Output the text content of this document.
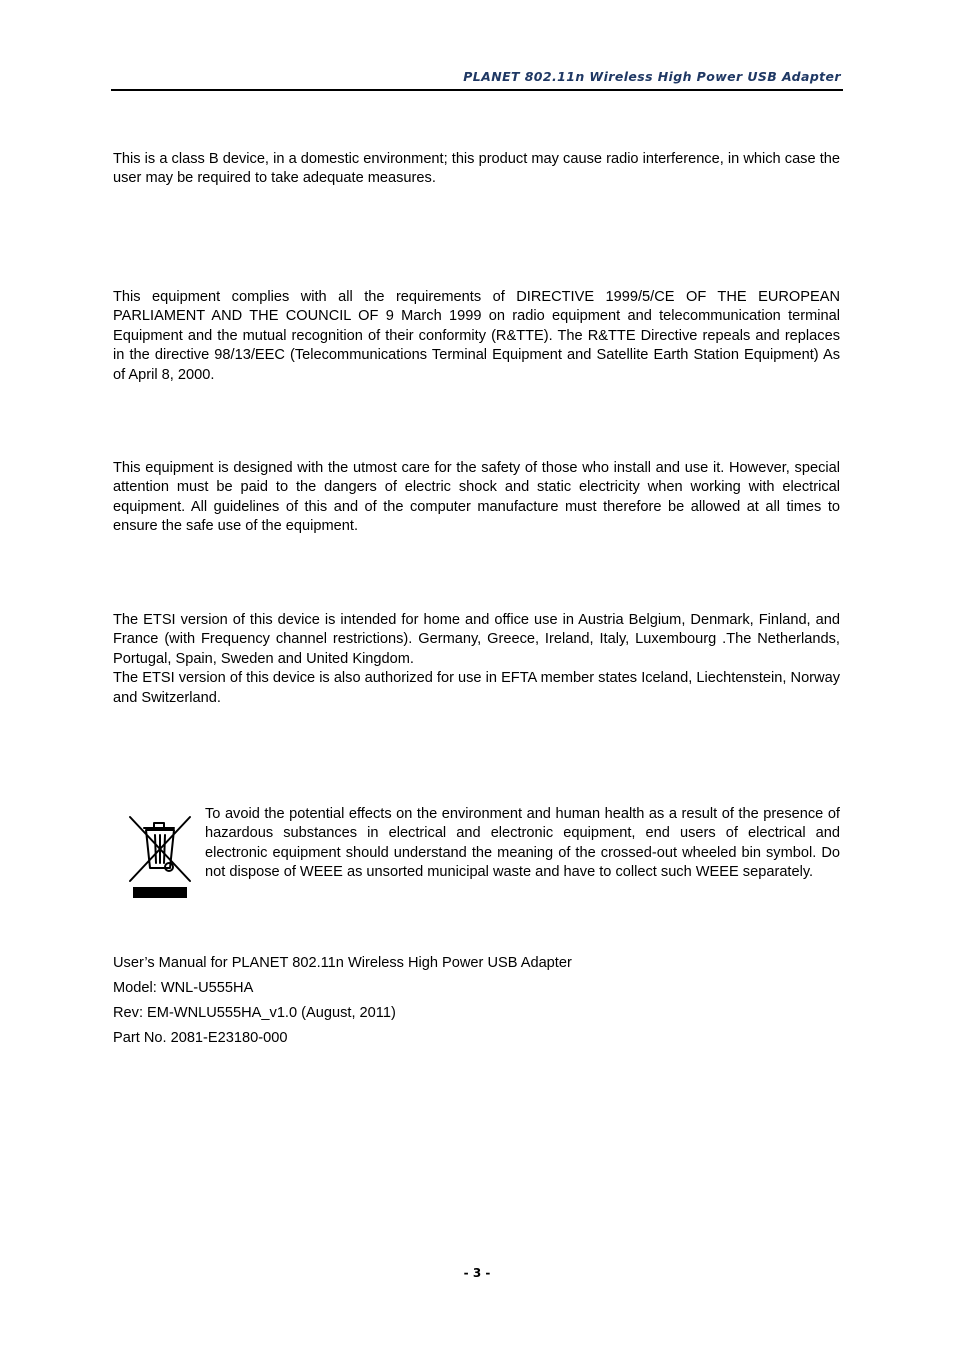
PLANET 802.11n Wireless High Power USB Adapter

This is a class B device, in a domestic environment; this product may cause radio interference, in which case the user may be required to take adequate measures.

This equipment complies with all the requirements of DIRECTIVE 1999/5/CE OF THE EUROPEAN PARLIAMENT AND THE COUNCIL OF 9 March 1999 on radio equipment and telecommunication terminal Equipment and the mutual recognition of their conformity (R&TTE). The R&TTE Directive repeals and replaces in the directive 98/13/EEC (Telecommunications Terminal Equipment and Satellite Earth Station Equipment) As of April 8, 2000.

This equipment is designed with the utmost care for the safety of those who install and use it. However, special attention must be paid to the dangers of electric shock and static electricity when working with electrical equipment. All guidelines of this and of the computer manufacture must therefore be allowed at all times to ensure the safe use of the equipment.

The ETSI version of this device is intended for home and office use in Austria Belgium, Denmark, Finland, and France (with Frequency channel restrictions). Germany, Greece, Ireland, Italy, Luxembourg .The Netherlands, Portugal, Spain, Sweden and United Kingdom.

The ETSI version of this device is also authorized for use in EFTA member states Iceland, Liechtenstein, Norway and Switzerland.

To avoid the potential effects on the environment and human health as a result of the presence of hazardous substances in electrical and electronic equipment, end users of electrical and electronic equipment should understand the meaning of the crossed-out wheeled bin symbol. Do not dispose of WEEE as unsorted municipal waste and have to collect such WEEE separately.
User’s Manual for PLANET 802.11n Wireless High Power USB Adapter
Model: WNL-U555HA
Rev: EM-WNLU555HA_v1.0 (August, 2011)
Part No. 2081-E23180-000
- 3 -
